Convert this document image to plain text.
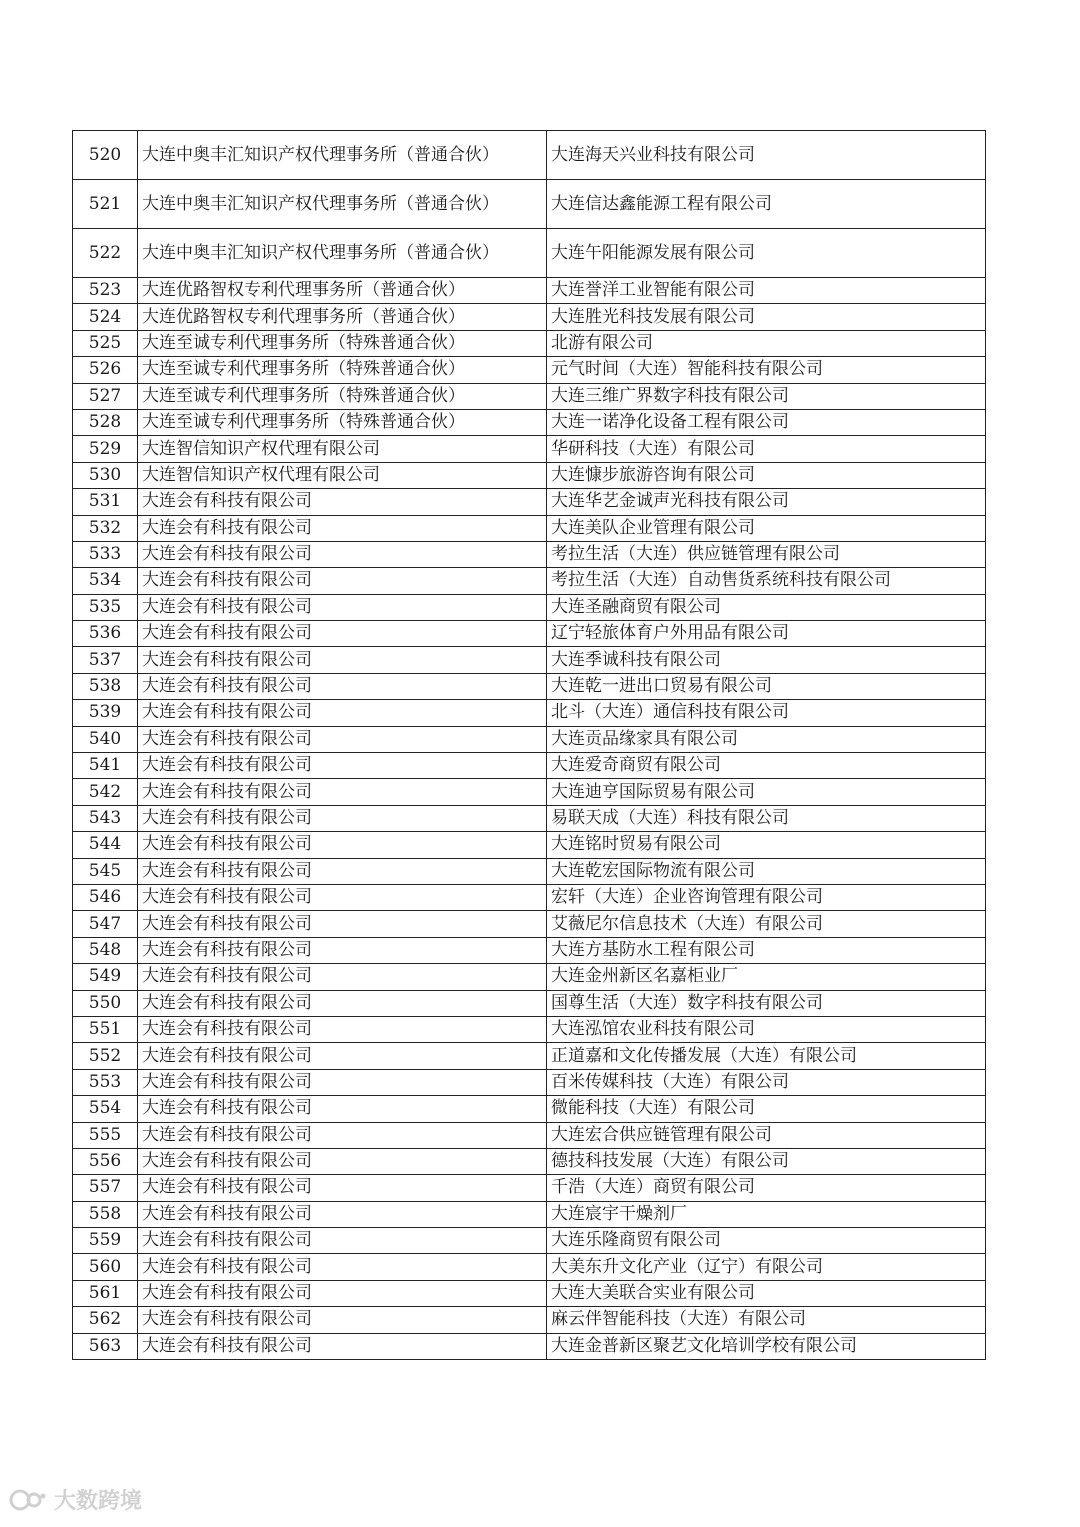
520	大连中奥丰汇知识产权代理事务所（普通合伙）	大连海天兴业科技有限公司
521	大连中奥丰汇知识产权代理事务所（普通合伙）	大连信达鑫能源工程有限公司
522	大连中奥丰汇知识产权代理事务所（普通合伙）	大连午阳能源发展有限公司
523	大连优路智权专利代理事务所（普通合伙）	大连誉洋工业智能有限公司
524	大连优路智权专利代理事务所（普通合伙）	大连胜光科技发展有限公司
525	大连至诚专利代理事务所（特殊普通合伙）	北游有限公司
526	大连至诚专利代理事务所（特殊普通合伙）	元气时间（大连）智能科技有限公司
527	大连至诚专利代理事务所（特殊普通合伙）	大连三维广界数字科技有限公司
528	大连至诚专利代理事务所（特殊普通合伙）	大连一诺净化设备工程有限公司
529	大连智信知识产权代理有限公司	华研科技（大连）有限公司
530	大连智信知识产权代理有限公司	大连慷步旅游咨询有限公司
531	大连会有科技有限公司	大连华艺金诚声光科技有限公司
532	大连会有科技有限公司	大连美队企业管理有限公司
533	大连会有科技有限公司	考拉生活（大连）供应链管理有限公司
534	大连会有科技有限公司	考拉生活（大连）自动售货系统科技有限公司
535	大连会有科技有限公司	大连圣融商贸有限公司
536	大连会有科技有限公司	辽宁轻旅体育户外用品有限公司
537	大连会有科技有限公司	大连季诚科技有限公司
538	大连会有科技有限公司	大连乾一进出口贸易有限公司
539	大连会有科技有限公司	北斗（大连）通信科技有限公司
540	大连会有科技有限公司	大连贡品缘家具有限公司
541	大连会有科技有限公司	大连爱奇商贸有限公司
542	大连会有科技有限公司	大连迪亨国际贸易有限公司
543	大连会有科技有限公司	易联天成（大连）科技有限公司
544	大连会有科技有限公司	大连铭时贸易有限公司
545	大连会有科技有限公司	大连乾宏国际物流有限公司
546	大连会有科技有限公司	宏轩（大连）企业咨询管理有限公司
547	大连会有科技有限公司	艾薇尼尔信息技术（大连）有限公司
548	大连会有科技有限公司	大连方基防水工程有限公司
549	大连会有科技有限公司	大连金州新区名嘉柜业厂
550	大连会有科技有限公司	国尊生活（大连）数字科技有限公司
551	大连会有科技有限公司	大连泓馆农业科技有限公司
552	大连会有科技有限公司	正道嘉和文化传播发展（大连）有限公司
553	大连会有科技有限公司	百米传媒科技（大连）有限公司
554	大连会有科技有限公司	微能科技（大连）有限公司
555	大连会有科技有限公司	大连宏合供应链管理有限公司
556	大连会有科技有限公司	德技科技发展（大连）有限公司
557	大连会有科技有限公司	千浩（大连）商贸有限公司
558	大连会有科技有限公司	大连宸宇干燥剂厂
559	大连会有科技有限公司	大连乐隆商贸有限公司
560	大连会有科技有限公司	大美东升文化产业（辽宁）有限公司
561	大连会有科技有限公司	大连大美联合实业有限公司
562	大连会有科技有限公司	麻云伴智能科技（大连）有限公司
563	大连会有科技有限公司	大连金普新区聚艺文化培训学校有限公司
大数跨境
